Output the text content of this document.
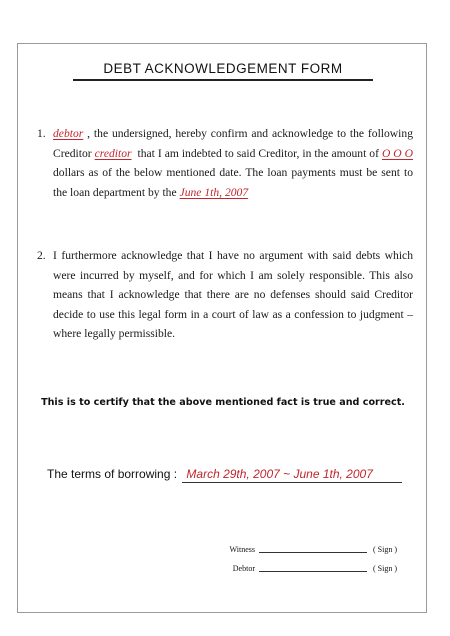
DEBT ACKNOWLEDGEMENT FORM
1. debtor , the undersigned, hereby confirm and acknowledge to the following Creditor creditor that I am indebted to said Creditor, in the amount of O O O dollars as of the below mentioned date. The loan payments must be sent to the loan department by the June 1th, 2007
2. I furthermore acknowledge that I have no argument with said debts which were incurred by myself, and for which I am solely responsible. This also means that I acknowledge that there are no defenses should said Creditor decide to use this legal form in a court of law as a confession to judgment – where legally permissible.
This is to certify that the above mentioned fact is true and correct.
The terms of borrowing : March 29th, 2007 ~ June 1th, 2007
Witness	( Sign )
Debtor	( Sign )
